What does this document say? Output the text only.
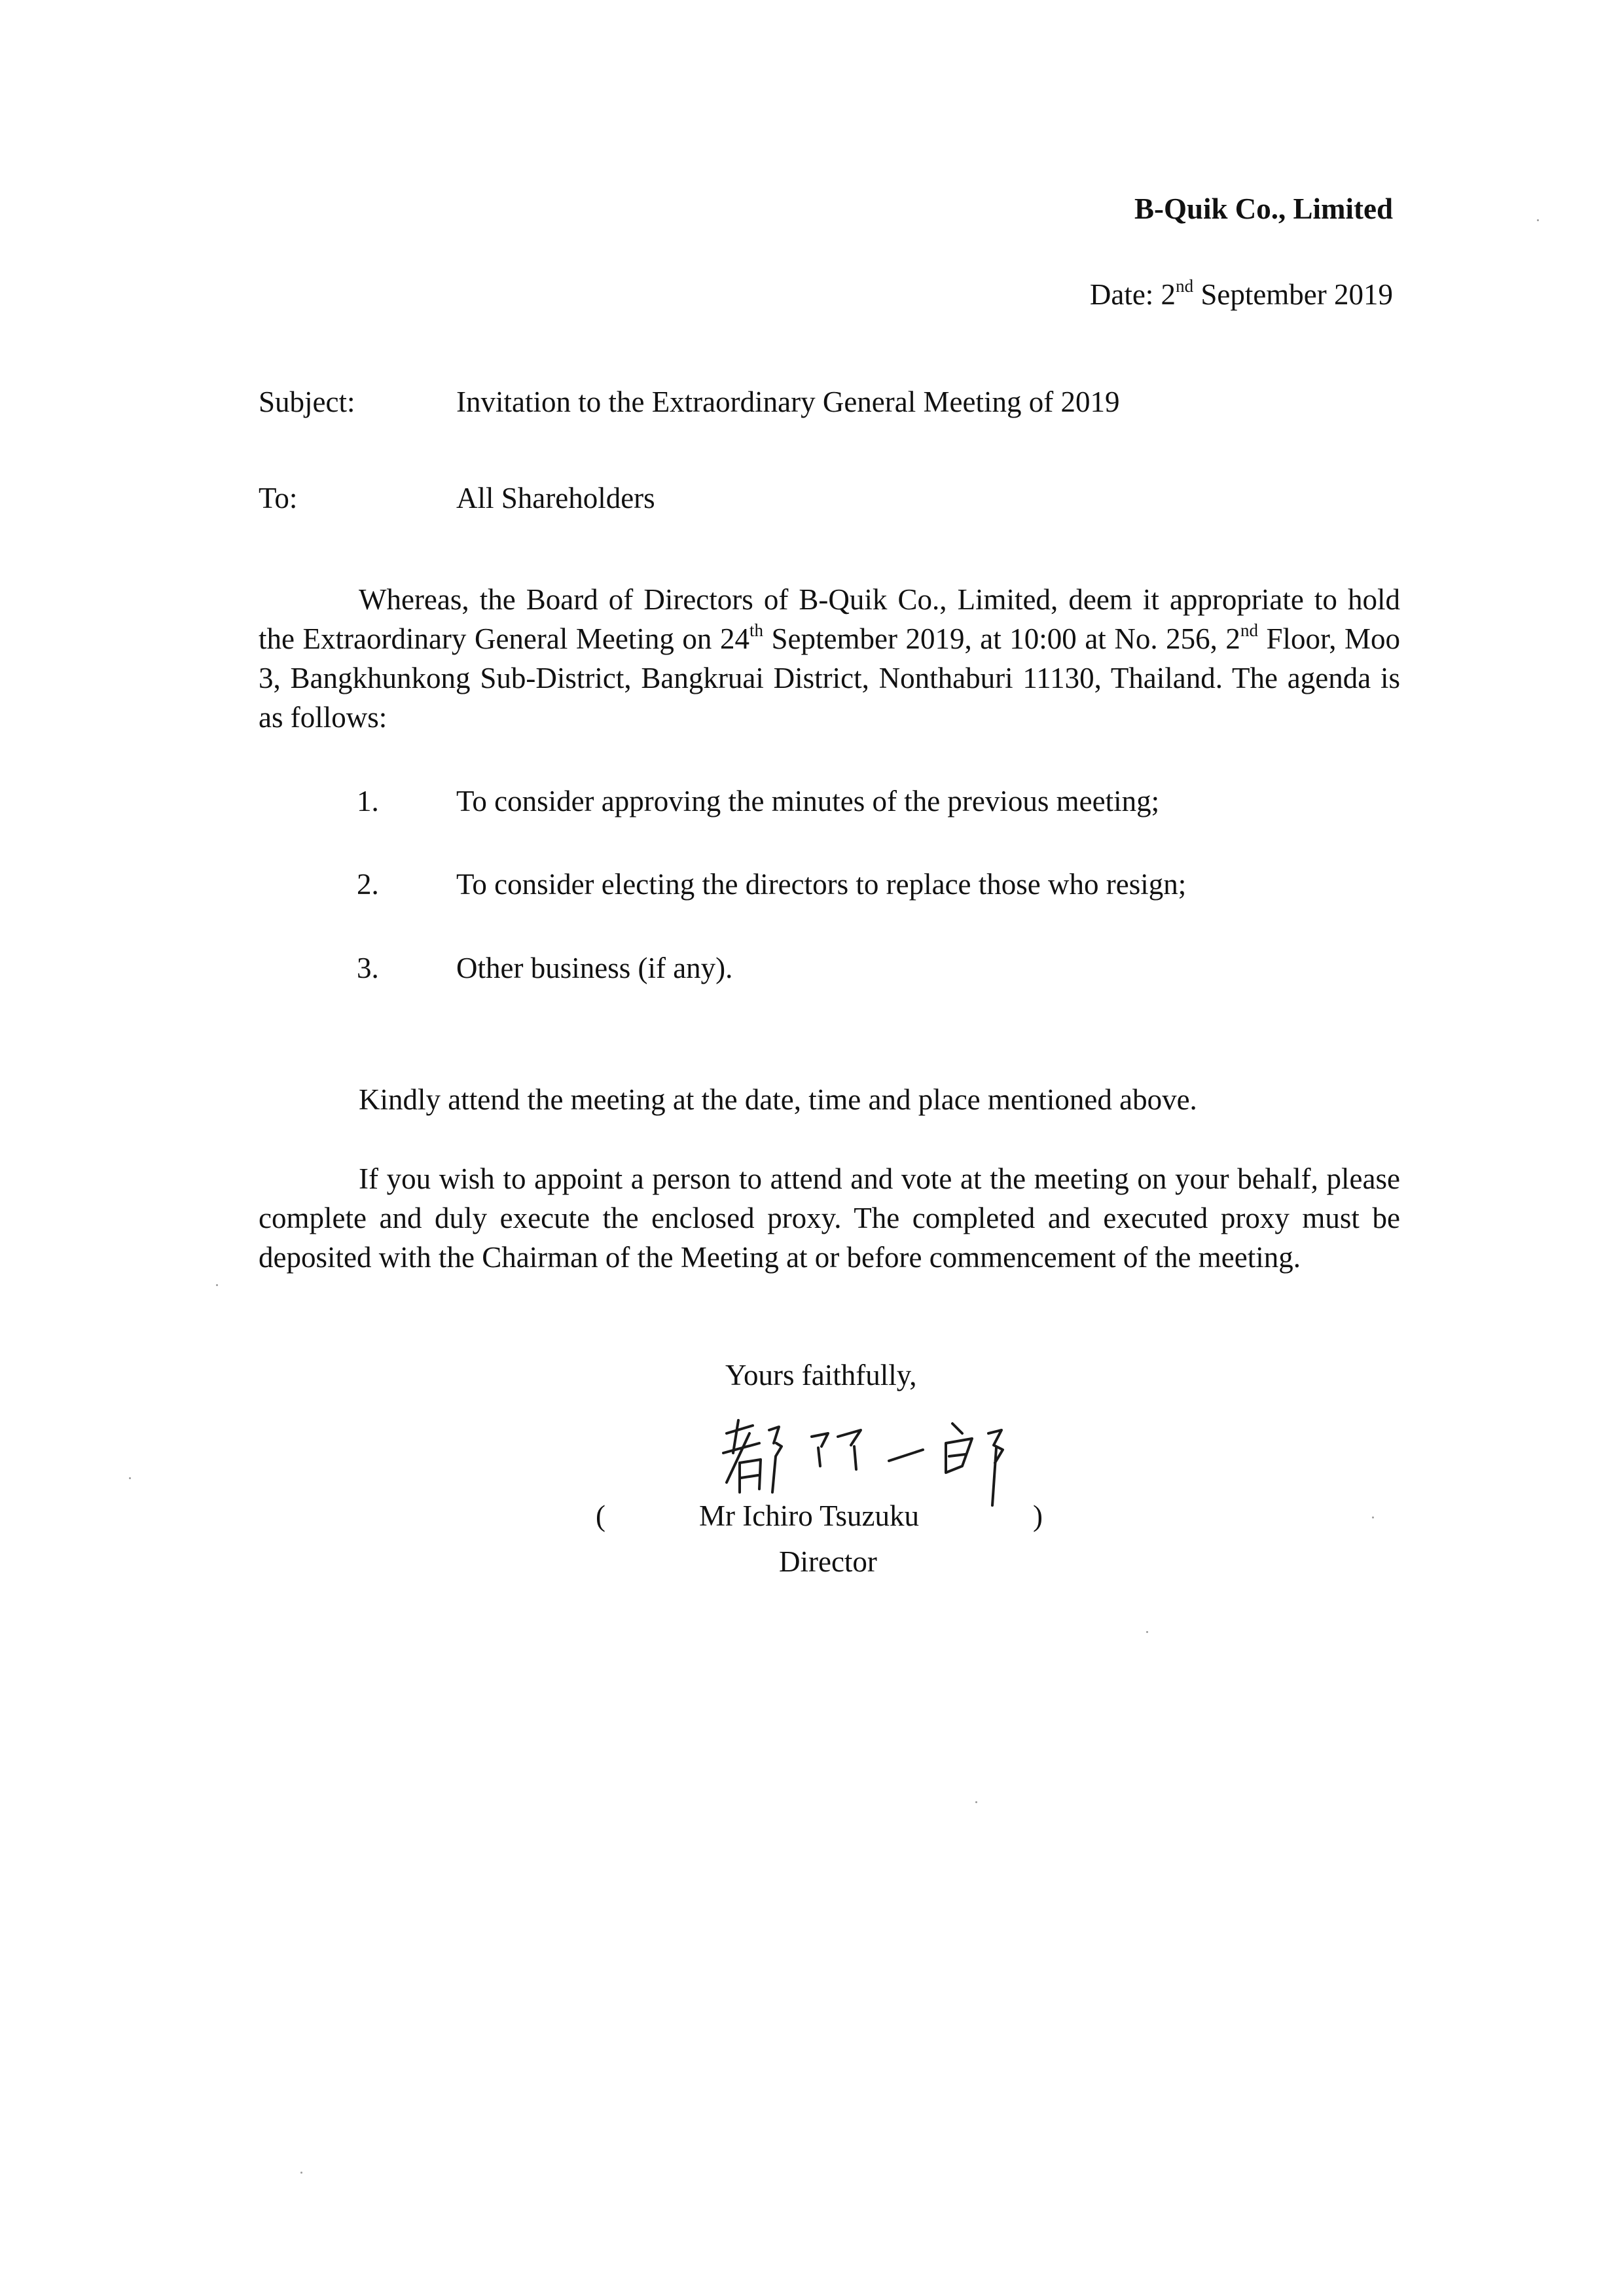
B-Quik Co., Limited
Date: 2nd September 2019
Subject:	Invitation to the Extraordinary General Meeting of 2019
To:	All Shareholders
Whereas, the Board of Directors of B-Quik Co., Limited, deem it appropriate to hold the Extraordinary General Meeting on 24th September 2019, at 10:00 at No. 256, 2nd Floor, Moo 3, Bangkhunkong Sub-District, Bangkruai District, Nonthaburi 11130, Thailand. The agenda is as follows:
1.	To consider approving the minutes of the previous meeting;
2.	To consider electing the directors to replace those who resign;
3.	Other business (if any).
Kindly attend the meeting at the date, time and place mentioned above.
If you wish to appoint a person to attend and vote at the meeting on your behalf, please complete and duly execute the enclosed proxy. The completed and executed proxy must be deposited with the Chairman of the Meeting at or before commencement of the meeting.
Yours faithfully,
(	Mr Ichiro Tsuzuku	)
Director
